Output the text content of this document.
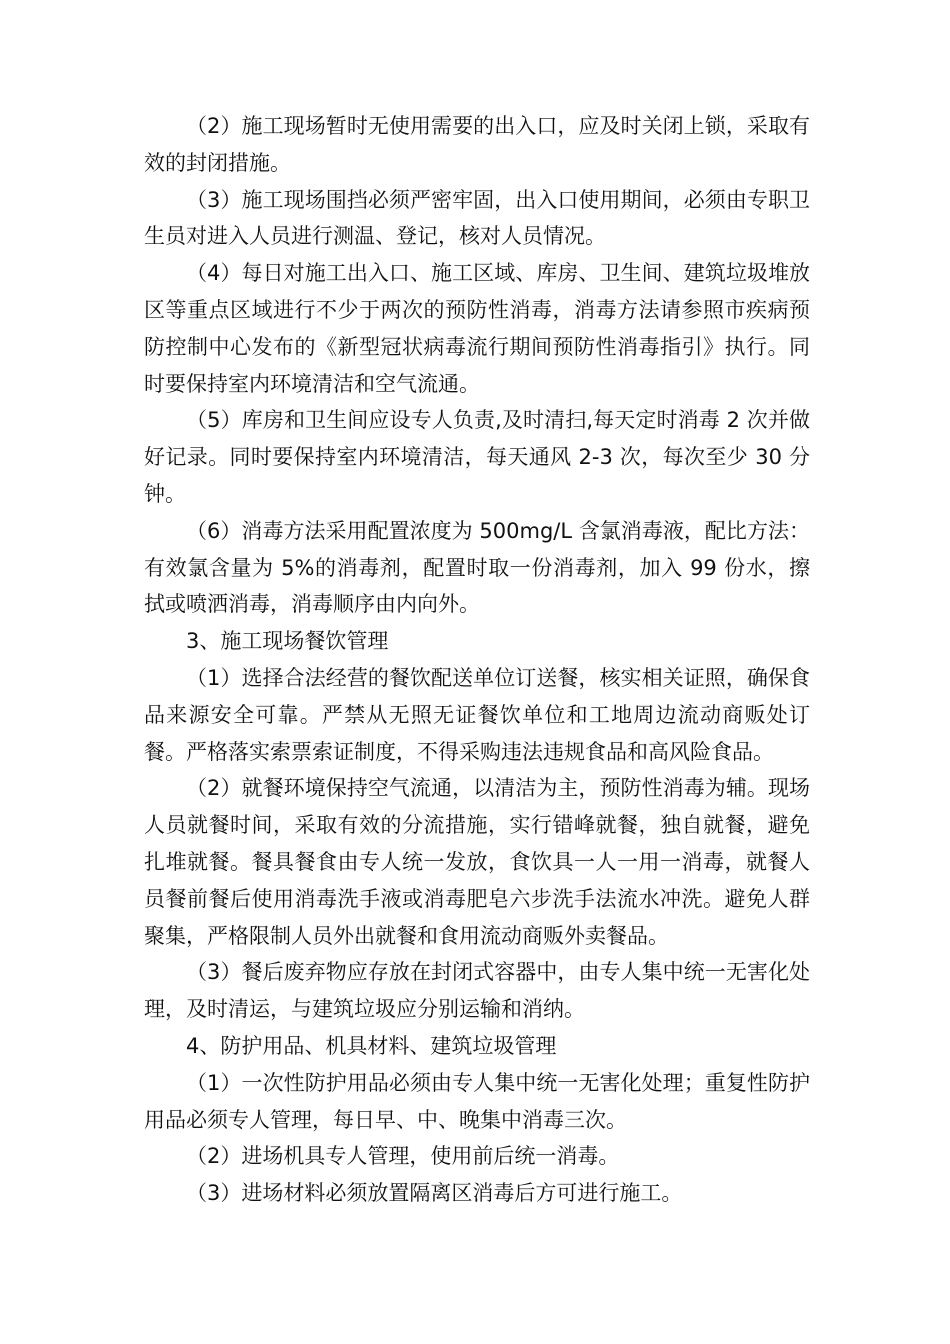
（2）施工现场暂时无使用需要的出入口，应及时关闭上锁，采取有效的封闭措施。

（3）施工现场围挡必须严密牢固，出入口使用期间，必须由专职卫生员对进入人员进行测温、登记，核对人员情况。

（4）每日对施工出入口、施工区域、库房、卫生间、建筑垃圾堆放区等重点区域进行不少于两次的预防性消毒，消毒方法请参照市疾病预防控制中心发布的《新型冠状病毒流行期间预防性消毒指引》执行。同时要保持室内环境清洁和空气流通。

（5）库房和卫生间应设专人负责,及时清扫,每天定时消毒 2 次并做好记录。同时要保持室内环境清洁，每天通风 2-3 次，每次至少 30 分钟。

（6）消毒方法采用配置浓度为 500mg/L 含氯消毒液，配比方法：有效氯含量为 5%的消毒剂，配置时取一份消毒剂，加入 99 份水，擦拭或喷洒消毒，消毒顺序由内向外。

3、施工现场餐饮管理

（1）选择合法经营的餐饮配送单位订送餐，核实相关证照，确保食品来源安全可靠。严禁从无照无证餐饮单位和工地周边流动商贩处订餐。严格落实索票索证制度，不得采购违法违规食品和高风险食品。

（2）就餐环境保持空气流通，以清洁为主，预防性消毒为辅。现场人员就餐时间，采取有效的分流措施，实行错峰就餐，独自就餐，避免扎堆就餐。餐具餐食由专人统一发放，食饮具一人一用一消毒，就餐人员餐前餐后使用消毒洗手液或消毒肥皂六步洗手法流水冲洗。避免人群聚集，严格限制人员外出就餐和食用流动商贩外卖餐品。

（3）餐后废弃物应存放在封闭式容器中，由专人集中统一无害化处理，及时清运，与建筑垃圾应分别运输和消纳。

4、防护用品、机具材料、建筑垃圾管理

（1）一次性防护用品必须由专人集中统一无害化处理；重复性防护用品必须专人管理，每日早、中、晚集中消毒三次。

（2）进场机具专人管理，使用前后统一消毒。

（3）进场材料必须放置隔离区消毒后方可进行施工。
